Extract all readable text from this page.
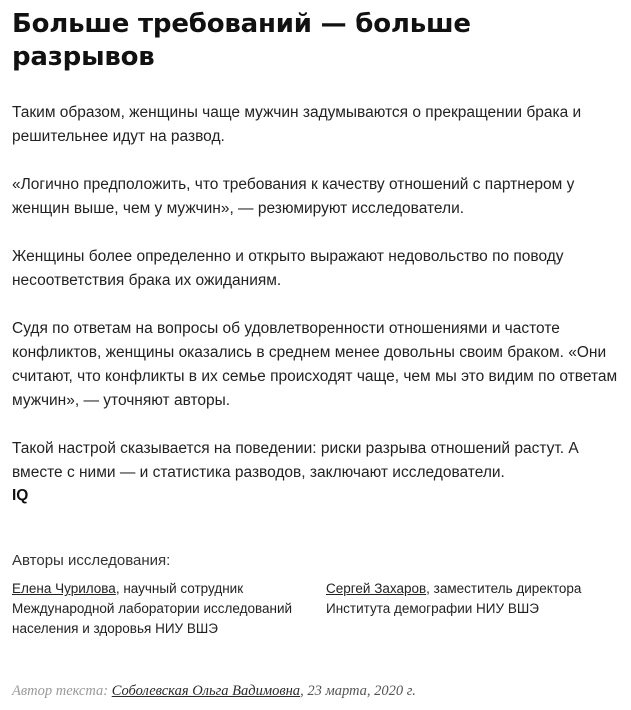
Больше требований — больше разрывов

Таким образом, женщины чаще мужчин задумываются о прекращении брака и решительнее идут на развод.

«Логично предположить, что требования к качеству отношений с партнером у женщин выше, чем у мужчин», — резюмируют исследователи.

Женщины более определенно и открыто выражают недовольство по поводу несоответствия брака их ожиданиям.

Судя по ответам на вопросы об удовлетворенности отношениями и частоте конфликтов, женщины оказались в среднем менее довольны своим браком. «Они считают, что конфликты в их семье происходят чаще, чем мы это видим по ответам мужчин», — уточняют авторы.

Такой настрой сказывается на поведении: риски разрыва отношений растут. А вместе с ними — и статистика разводов, заключают исследователи.

IQ

Авторы исследования:

Елена Чурилова, научный сотрудник Международной лаборатории исследований населения и здоровья НИУ ВШЭ
Сергей Захаров, заместитель директора Института демографии НИУ ВШЭ
Автор текста: Соболевская Ольга Вадимовна, 23 марта, 2020 г.
